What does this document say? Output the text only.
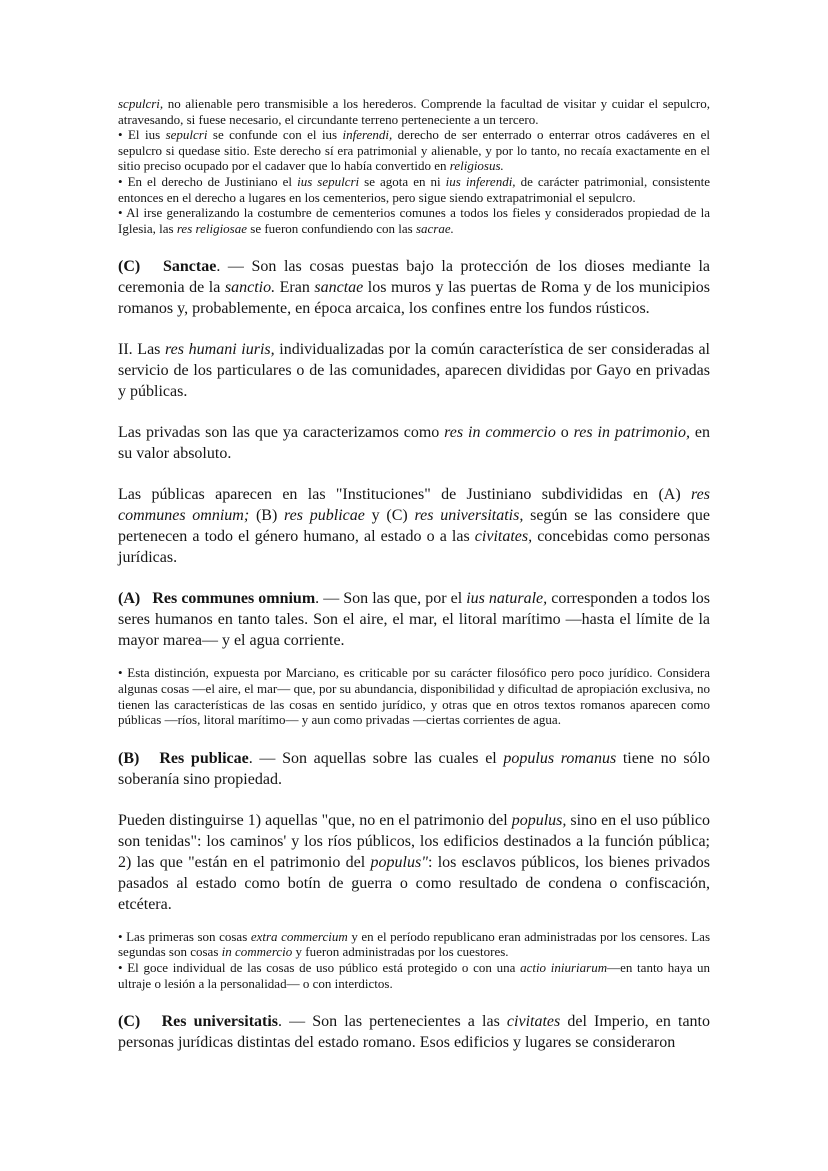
scpulcri, no alienable pero transmisible a los herederos. Comprende la facultad de visitar y cuidar el sepulcro, atravesando, si fuese necesario, el circundante terreno perteneciente a un tercero.

• El ius sepulcri se confunde con el ius inferendi, derecho de ser enterrado o enterrar otros cadáveres en el sepulcro si quedase sitio. Este derecho sí era patrimonial y alienable, y por lo tanto, no recaía exactamente en el sitio preciso ocupado por el cadaver que lo había convertido en religiosus.

• En el derecho de Justiniano el ius sepulcri se agota en ni ius inferendi, de carácter patrimonial, consistente entonces en el derecho a lugares en los cementerios, pero sigue siendo extrapatrimonial el sepulcro.

• Al irse generalizando la costumbre de cementerios comunes a todos los fieles y considerados propiedad de la Iglesia, las res religiosae se fueron confundiendo con las sacrae.

(C)   Sanctae. — Son las cosas puestas bajo la protección de los dioses mediante la ceremonia de la sanctio. Eran sanctae los muros y las puertas de Roma y de los municipios romanos y, probablemente, en época arcaica, los confines entre los fundos rústicos.

II. Las res humani iuris, individualizadas por la común característica de ser consideradas al servicio de los particulares o de las comunidades, aparecen divididas por Gayo en privadas y públicas.

Las privadas son las que ya caracterizamos como res in commercio o res in patrimonio, en su valor absoluto.

Las públicas aparecen en las "Instituciones" de Justiniano subdivididas en (A) res communes omnium; (B) res publicae y (C) res universitatis, según se las considere que pertenecen a todo el género humano, al estado o a las civitates, concebidas como personas jurídicas.

(A)   Res communes omnium. — Son las que, por el ius naturale, corresponden a todos los seres humanos en tanto tales. Son el aire, el mar, el litoral marítimo —hasta el límite de la mayor marea— y el agua corriente.

• Esta distinción, expuesta por Marciano, es criticable por su carácter filosófico pero poco jurídico. Considera algunas cosas —el aire, el mar— que, por su abundancia, disponibilidad y dificultad de apropiación exclusiva, no tienen las características de las cosas en sentido jurídico, y otras que en otros textos romanos aparecen como públicas —ríos, litoral marítimo— y aun como privadas —ciertas corrientes de agua.

(B)   Res publicae. — Son aquellas sobre las cuales el populus romanus tiene no sólo soberanía sino propiedad.

Pueden distinguirse 1) aquellas "que, no en el patrimonio del populus, sino en el uso público son tenidas": los caminos' y los ríos públicos, los edificios destinados a la función pública; 2) las que "están en el patrimonio del populus": los esclavos públicos, los bienes privados pasados al estado como botín de guerra o como resultado de condena o confiscación, etcétera.

• Las primeras son cosas extra commercium y en el período republicano eran administradas por los censores. Las segundas son cosas in commercio y fueron administradas por los cuestores.

• El goce individual de las cosas de uso público está protegido o con una actio iniuriarum—en tanto haya un ultraje o lesión a la personalidad— o con interdictos.

(C)   Res universitatis. — Son las pertenecientes a las civitates del Imperio, en tanto personas jurídicas distintas del estado romano. Esos edificios y lugares se consideraron
